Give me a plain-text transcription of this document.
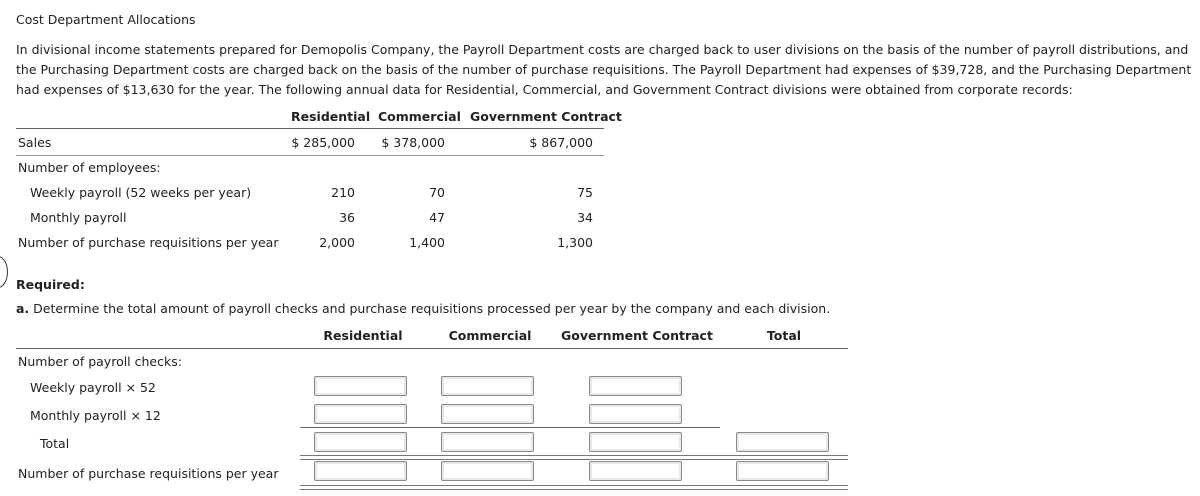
Cost Department Allocations
In divisional income statements prepared for Demopolis Company, the Payroll Department costs are charged back to user divisions on the basis of the number of payroll distributions, and the Purchasing Department costs are charged back on the basis of the number of purchase requisitions. The Payroll Department had expenses of $39,728, and the Purchasing Department had expenses of $13,630 for the year. The following annual data for Residential, Commercial, and Government Contract divisions were obtained from corporate records:
Residential Commercial Government Contract
Sales	$ 285,000	$ 378,000	$ 867,000
Number of employees:
Weekly payroll (52 weeks per year)	210	70	75
Monthly payroll	36	47	34
Number of purchase requisitions per year	2,000	1,400	1,300
Required:
a. Determine the total amount of payroll checks and purchase requisitions processed per year by the company and each division.
Residential	Commercial	Government Contract	Total
Number of payroll checks:
Weekly payroll × 52
Monthly payroll × 12
Total
Number of purchase requisitions per year
